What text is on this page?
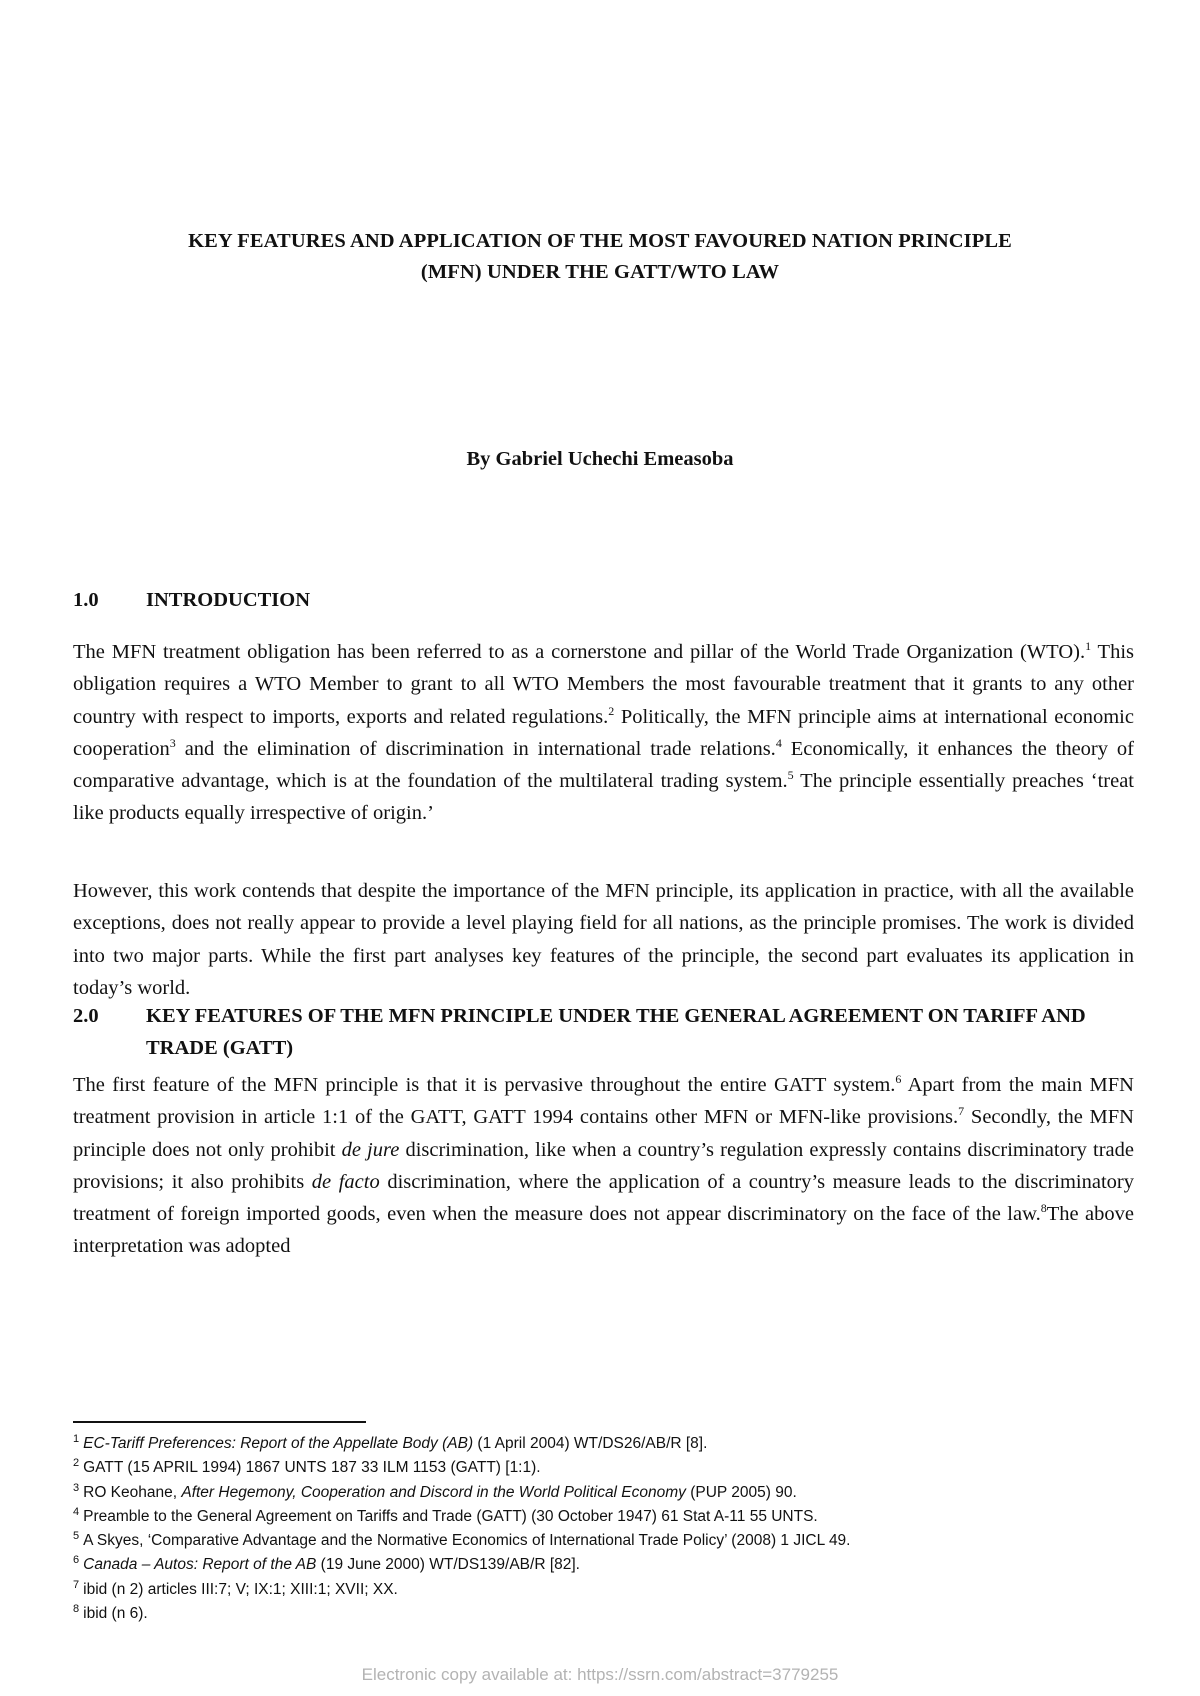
KEY FEATURES AND APPLICATION OF THE MOST FAVOURED NATION PRINCIPLE
(MFN) UNDER THE GATT/WTO LAW
By Gabriel Uchechi Emeasoba
1.0 INTRODUCTION
The MFN treatment obligation has been referred to as a cornerstone and pillar of the World Trade Organization (WTO).$^1$ This obligation requires a WTO Member to grant to all WTO Members the most favourable treatment that it grants to any other country with respect to imports, exports and related regulations.$^2$ Politically, the MFN principle aims at international economic cooperation$^3$ and the elimination of discrimination in international trade relations.$^4$ Economically, it enhances the theory of comparative advantage, which is at the foundation of the multilateral trading system.$^5$ The principle essentially preaches ‘treat like products equally irrespective of origin.’
However, this work contends that despite the importance of the MFN principle, its application in practice, with all the available exceptions, does not really appear to provide a level playing field for all nations, as the principle promises. The work is divided into two major parts. While the first part analyses key features of the principle, the second part evaluates its application in today’s world.
2.0 KEY FEATURES OF THE MFN PRINCIPLE UNDER THE GENERAL AGREEMENT ON TARIFF AND TRADE (GATT)
The first feature of the MFN principle is that it is pervasive throughout the entire GATT system.$^6$ Apart from the main MFN treatment provision in article 1:1 of the GATT, GATT 1994 contains other MFN or MFN-like provisions.$^7$ Secondly, the MFN principle does not only prohibit de jure discrimination, like when a country’s regulation expressly contains discriminatory trade provisions; it also prohibits de facto discrimination, where the application of a country’s measure leads to the discriminatory treatment of foreign imported goods, even when the measure does not appear discriminatory on the face of the law.$^8$The above interpretation was adopted
$^1$ EC-Tariff Preferences: Report of the Appellate Body (AB) (1 April 2004) WT/DS26/AB/R [8].
$^2$ GATT (15 APRIL 1994) 1867 UNTS 187 33 ILM 1153 (GATT) [1:1).
$^3$ RO Keohane, After Hegemony, Cooperation and Discord in the World Political Economy (PUP 2005) 90.
$^4$ Preamble to the General Agreement on Tariffs and Trade (GATT) (30 October 1947) 61 Stat A-11 55 UNTS.
$^5$ A Skyes, ‘Comparative Advantage and the Normative Economics of International Trade Policy’ (2008) 1 JICL 49.
$^6$ Canada – Autos: Report of the AB (19 June 2000) WT/DS139/AB/R [82].
$^7$ ibid (n 2) articles III:7; V; IX:1; XIII:1; XVII; XX.
$^8$ ibid (n 6).
Electronic copy available at: https://ssrn.com/abstract=3779255
